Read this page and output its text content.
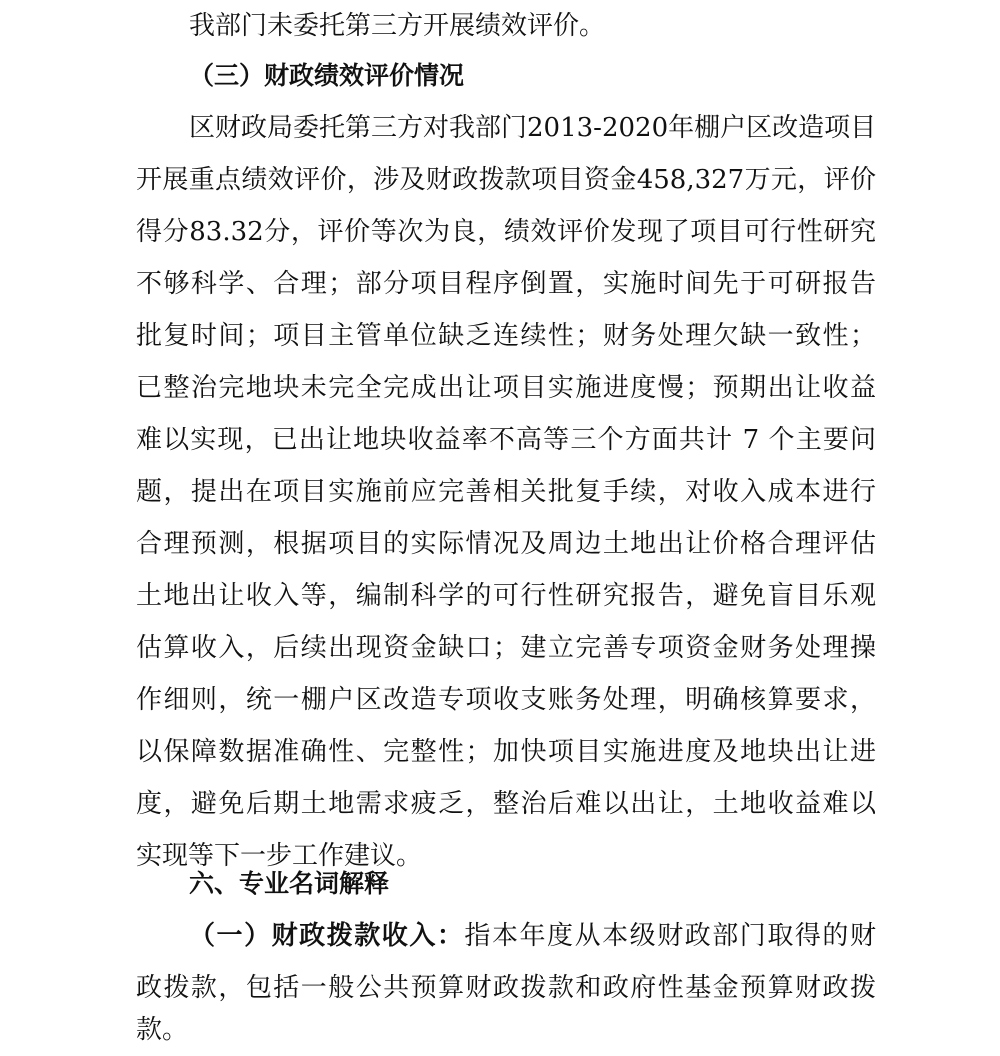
我部门未委托第三方开展绩效评价。
（三）财政绩效评价情况
区财政局委托第三方对我部门2013-2020年棚户区改造项目
开展重点绩效评价，涉及财政拨款项目资金458,327万元，评价
得分83.32分，评价等次为良，绩效评价发现了项目可行性研究
不够科学、合理；部分项目程序倒置，实施时间先于可研报告
批复时间；项目主管单位缺乏连续性；财务处理欠缺一致性；
已整治完地块未完全完成出让项目实施进度慢；预期出让收益
难以实现，已出让地块收益率不高等三个方面共计 7 个主要问
题，提出在项目实施前应完善相关批复手续，对收入成本进行
合理预测，根据项目的实际情况及周边土地出让价格合理评估
土地出让收入等，编制科学的可行性研究报告，避免盲目乐观
估算收入，后续出现资金缺口；建立完善专项资金财务处理操
作细则，统一棚户区改造专项收支账务处理，明确核算要求，
以保障数据准确性、完整性；加快项目实施进度及地块出让进
度，避免后期土地需求疲乏，整治后难以出让，土地收益难以
实现等下一步工作建议。
六、专业名词解释
（一）财政拨款收入：指本年度从本级财政部门取得的财
政拨款，包括一般公共预算财政拨款和政府性基金预算财政拨
款。
